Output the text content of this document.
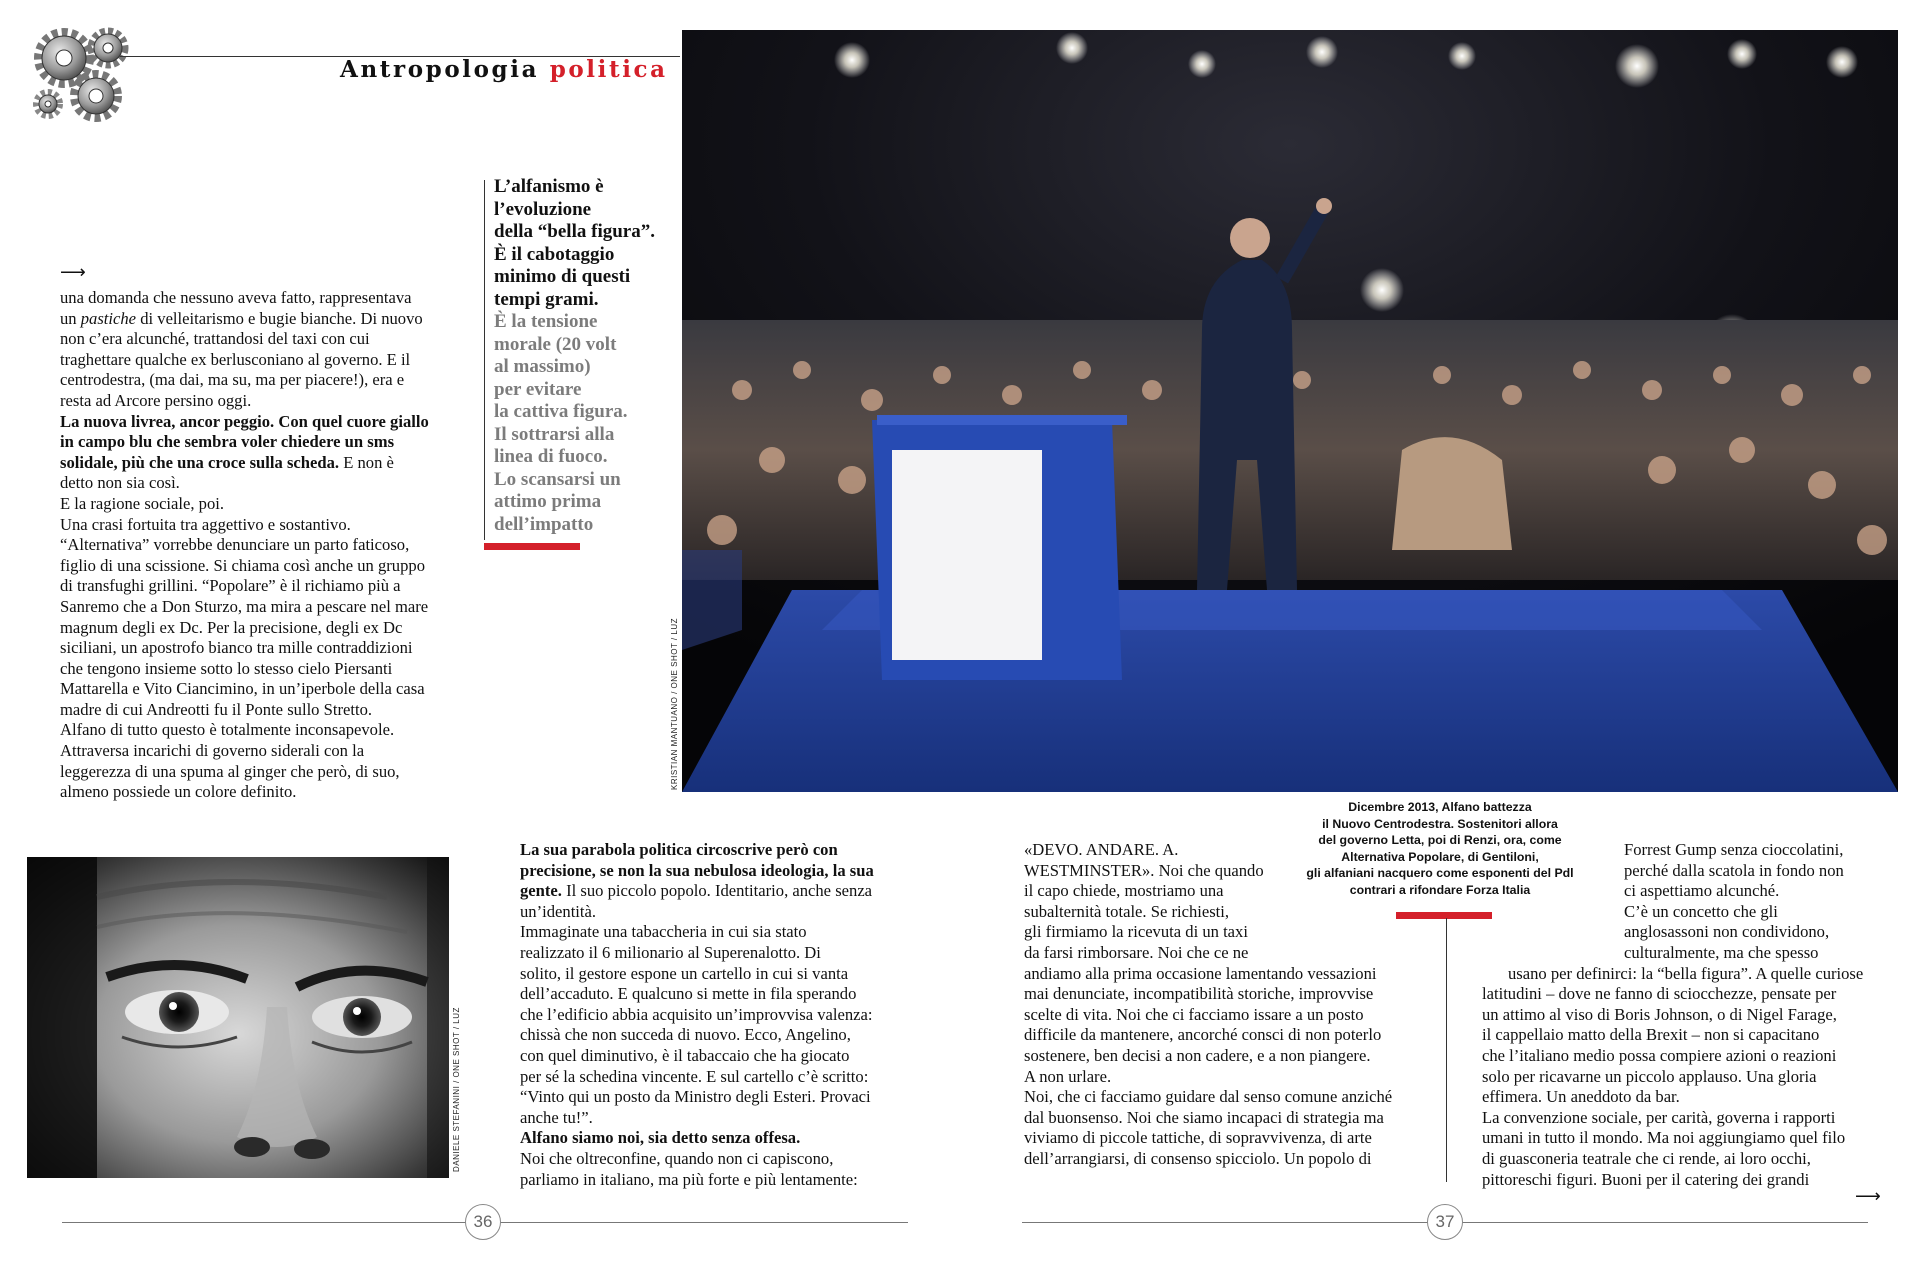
Antropologia politica
⟶

una domanda che nessuno aveva fatto, rappresentava

un pastiche di velleitarismo e bugie bianche. Di nuovo

non c’era alcunché, trattandosi del taxi con cui

traghettare qualche ex berlusconiano al governo. E il

centrodestra, (ma dai, ma su, ma per piacere!), era e

resta ad Arcore persino oggi.

La nuova livrea, ancor peggio. Con quel cuore giallo

in campo blu che sembra voler chiedere un sms

solidale, più che una croce sulla scheda. E non è

detto non sia così.

E la ragione sociale, poi.

Una crasi fortuita tra aggettivo e sostantivo.

“Alternativa” vorrebbe denunciare un parto faticoso,

figlio di una scissione. Si chiama così anche un gruppo

di transfughi grillini. “Popolare” è il richiamo più a

Sanremo che a Don Sturzo, ma mira a pescare nel mare

magnum degli ex Dc. Per la precisione, degli ex Dc

siciliani, un apostrofo bianco tra mille contraddizioni

che tengono insieme sotto lo stesso cielo Piersanti

Mattarella e Vito Ciancimino, in un’iperbole della casa

madre di cui Andreotti fu il Ponte sullo Stretto.

Alfano di tutto questo è totalmente inconsapevole.

Attraversa incarichi di governo siderali con la

leggerezza di una spuma al ginger che però, di suo,

almeno possiede un colore definito.

DANIELE STEFANINI / ONE SHOT / LUZ
L’alfanismo è
l’evoluzione
della “bella figura”.
È il cabotaggio
minimo di questi
tempi grami.
È la tensione
morale (20 volt
al massimo)
per evitare
la cattiva figura.
Il sottrarsi alla
linea di fuoco.
Lo scansarsi un
attimo prima
dell’impatto
KRISTIAN MANTUANO / ONE SHOT / LUZ
Dicembre 2013, Alfano battezza
il Nuovo Centrodestra. Sostenitori allora
del governo Letta, poi di Renzi, ora, come
Alternativa Popolare, di Gentiloni,
gli alfaniani nacquero come esponenti del Pdl
contrari a rifondare Forza Italia

La sua parabola politica circoscrive però con

precisione, se non la sua nebulosa ideologia, la sua

gente. Il suo piccolo popolo. Identitario, anche senza

un’identità.

Immaginate una tabaccheria in cui sia stato

realizzato il 6 milionario al Superenalotto. Di

solito, il gestore espone un cartello in cui si vanta

dell’accaduto. E qualcuno si mette in fila sperando

che l’edificio abbia acquisito un’improvvisa valenza:

chissà che non succeda di nuovo. Ecco, Angelino,

con quel diminutivo, è il tabaccaio che ha giocato

per sé la schedina vincente. E sul cartello c’è scritto:

“Vinto qui un posto da Ministro degli Esteri. Provaci

anche tu!”.

Alfano siamo noi, sia detto senza offesa.

Noi che oltreconfine, quando non ci capiscono,

parliamo in italiano, ma più forte e più lentamente:

«DEVO. ANDARE. A.

WESTMINSTER». Noi che quando

il capo chiede, mostriamo una

subalternità totale. Se richiesti,

gli firmiamo la ricevuta di un taxi

da farsi rimborsare. Noi che ce ne

andiamo alla prima occasione lamentando vessazioni

mai denunciate, incompatibilità storiche, improvvise

scelte di vita. Noi che ci facciamo issare a un posto

difficile da mantenere, ancorché consci di non poterlo

sostenere, ben decisi a non cadere, e a non piangere.

A non urlare.

Noi, che ci facciamo guidare dal senso comune anziché

dal buonsenso. Noi che siamo incapaci di strategia ma

viviamo di piccole tattiche, di sopravvivenza, di arte

dell’arrangiarsi, di consenso spicciolo. Un popolo di

Forrest Gump senza cioccolatini,

perché dalla scatola in fondo non

ci aspettiamo alcunché.

C’è un concetto che gli

anglosassoni non condividono,

culturalmente, ma che spesso

usano per definirci: la “bella figura”. A quelle curiose

latitudini – dove ne fanno di sciocchezze, pensate per

un attimo al viso di Boris Johnson, o di Nigel Farage,

il cappellaio matto della Brexit – non si capacitano

che l’italiano medio possa compiere azioni o reazioni

solo per ricavarne un piccolo applauso. Una gloria

effimera. Un aneddoto da bar.

La convenzione sociale, per carità, governa i rapporti

umani in tutto il mondo. Ma noi aggiungiamo quel filo

di guasconeria teatrale che ci rende, ai loro occhi,

pittoreschi figuri. Buoni per il catering dei grandi

⟶
36	37
